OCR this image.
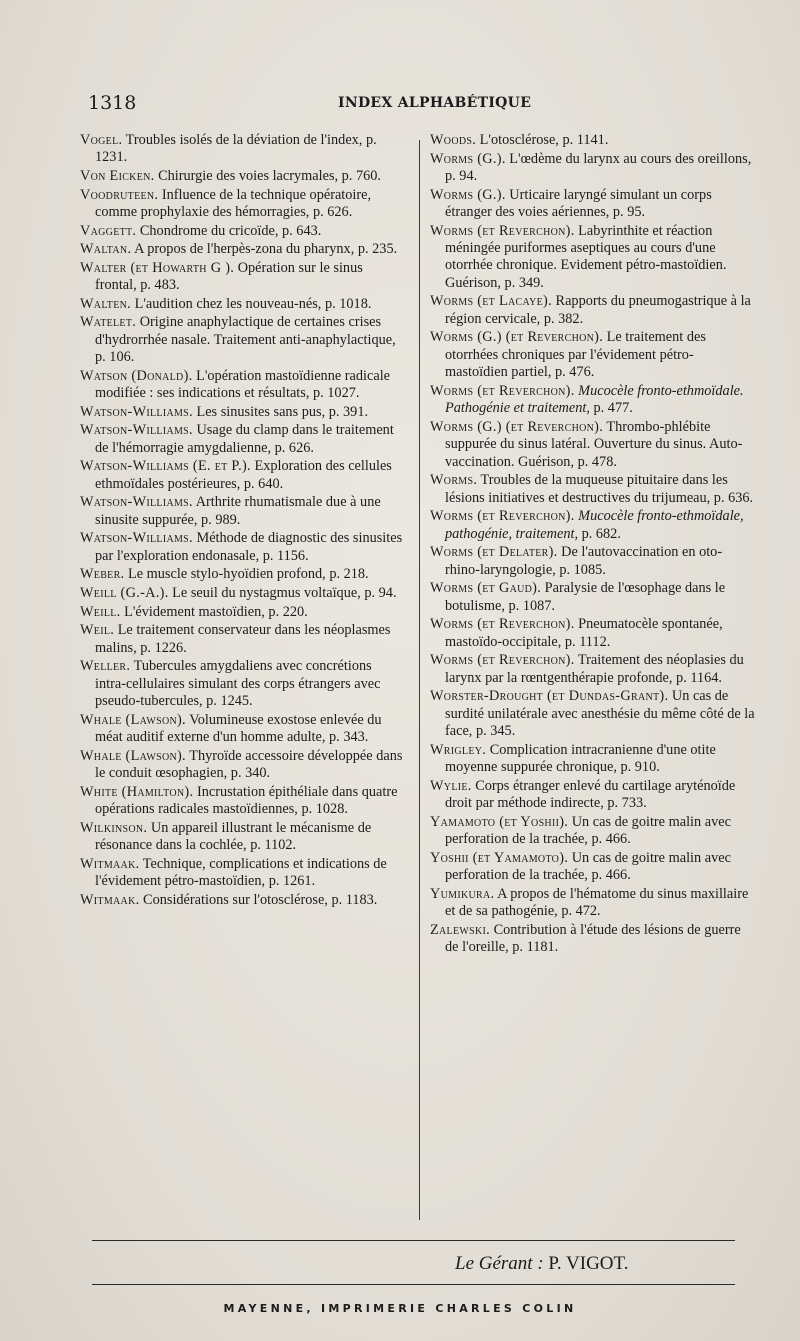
1318	INDEX ALPHABÉTIQUE

Vogel. Troubles isolés de la déviation de l'index, p. 1231.

Von Eicken. Chirurgie des voies lacrymales, p. 760.

Voodruteen. Influence de la technique opératoire, comme prophylaxie des hémorragies, p. 626.

Vaggett. Chondrome du cricoïde, p. 643.

Waltan. A propos de l'herpès-zona du pharynx, p. 235.

Walter (et Howarth G ). Opération sur le sinus frontal, p. 483.

Walten. L'audition chez les nouveau-nés, p. 1018.

Watelet. Origine anaphylactique de certaines crises d'hydrorrhée nasale. Traitement anti-anaphylactique, p. 106.

Watson (Donald). L'opération mastoïdienne radicale modifiée : ses indications et résultats, p. 1027.

Watson-Williams. Les sinusites sans pus, p. 391.

Watson-Williams. Usage du clamp dans le traitement de l'hémorragie amygdalienne, p. 626.

Watson-Williams (E. et P.). Exploration des cellules ethmoïdales postérieures, p. 640.

Watson-Williams. Arthrite rhumatismale due à une sinusite suppurée, p. 989.

Watson-Williams. Méthode de diagnostic des sinusites par l'exploration endonasale, p. 1156.

Weber. Le muscle stylo-hyoïdien profond, p. 218.

Weill (G.-A.). Le seuil du nystagmus voltaïque, p. 94.

Weill. L'évidement mastoïdien, p. 220.

Weil. Le traitement conservateur dans les néoplasmes malins, p. 1226.

Weller. Tubercules amygdaliens avec concrétions intra-cellulaires simulant des corps étrangers avec pseudo-tubercules, p. 1245.

Whale (Lawson). Volumineuse exostose enlevée du méat auditif externe d'un homme adulte, p. 343.

Whale (Lawson). Thyroïde accessoire développée dans le conduit œsophagien, p. 340.

White (Hamilton). Incrustation épithéliale dans quatre opérations radicales mastoïdiennes, p. 1028.

Wilkinson. Un appareil illustrant le mécanisme de résonance dans la cochlée, p. 1102.

Witmaak. Technique, complications et indications de l'évidement pétro-mastoïdien, p. 1261.

Witmaak. Considérations sur l'otosclérose, p. 1183.

Woods. L'otosclérose, p. 1141.

Worms (G.). L'œdème du larynx au cours des oreillons, p. 94.

Worms (G.). Urticaire laryngé simulant un corps étranger des voies aériennes, p. 95.

Worms (et Reverchon). Labyrinthite et réaction méningée puriformes aseptiques au cours d'une otorrhée chronique. Evidement pétro-mastoïdien. Guérison, p. 349.

Worms (et Lacaye). Rapports du pneumogastrique à la région cervicale, p. 382.

Worms (G.) (et Reverchon). Le traitement des otorrhées chroniques par l'évidement pétro-mastoïdien partiel, p. 476.

Worms (et Reverchon). Mucocèle fronto-ethmoïdale. Pathogénie et traitement, p. 477.

Worms (G.) (et Reverchon). Thrombo-phlébite suppurée du sinus latéral. Ouverture du sinus. Auto-vaccination. Guérison, p. 478.

Worms. Troubles de la muqueuse pituitaire dans les lésions initiatives et destructives du trijumeau, p. 636.

Worms (et Reverchon). Mucocèle fronto-ethmoïdale, pathogénie, traitement, p. 682.

Worms (et Delater). De l'autovaccination en oto-rhino-laryngologie, p. 1085.

Worms (et Gaud). Paralysie de l'œsophage dans le botulisme, p. 1087.

Worms (et Reverchon). Pneumatocèle spontanée, mastoïdo-occipitale, p. 1112.

Worms (et Reverchon). Traitement des néoplasies du larynx par la rœntgenthérapie profonde, p. 1164.

Worster-Drought (et Dundas-Grant). Un cas de surdité unilatérale avec anesthésie du même côté de la face, p. 345.

Wrigley. Complication intracranienne d'une otite moyenne suppurée chronique, p. 910.

Wylie. Corps étranger enlevé du cartilage aryténoïde droit par méthode indirecte, p. 733.

Yamamoto (et Yoshii). Un cas de goitre malin avec perforation de la trachée, p. 466.

Yoshii (et Yamamoto). Un cas de goitre malin avec perforation de la trachée, p. 466.

Yumikura. A propos de l'hématome du sinus maxillaire et de sa pathogénie, p. 472.

Zalewski. Contribution à l'étude des lésions de guerre de l'oreille, p. 1181.

Le Gérant : P. VIGOT.
MAYENNE, IMPRIMERIE CHARLES COLIN
